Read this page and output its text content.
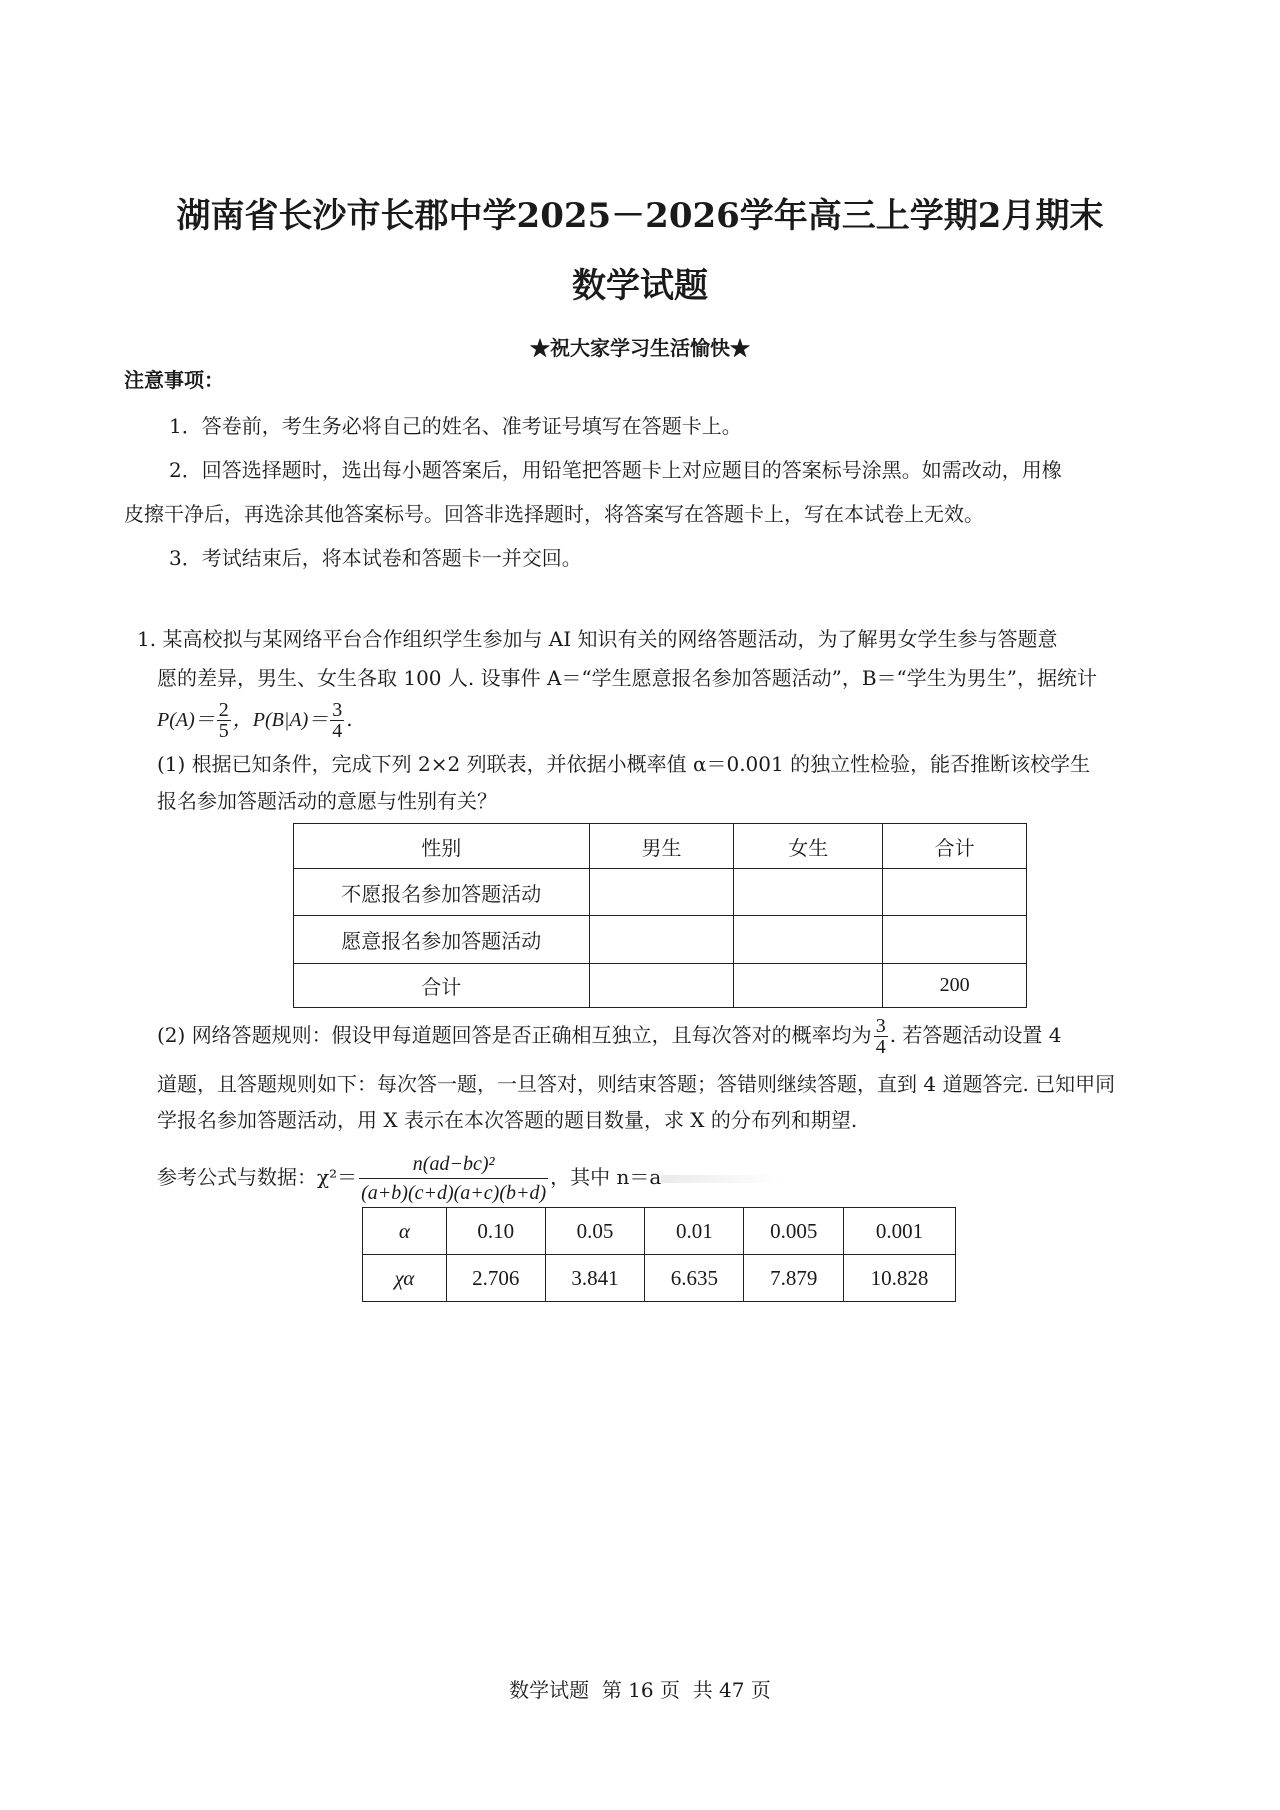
湖南省长沙市长郡中学2025－2026学年高三上学期2月期末
数学试题
★祝大家学习生活愉快★
注意事项：
1．答卷前，考生务必将自己的姓名、准考证号填写在答题卡上。
2．回答选择题时，选出每小题答案后，用铅笔把答题卡上对应题目的答案标号涂黑。如需改动，用橡
皮擦干净后，再选涂其他答案标号。回答非选择题时，将答案写在答题卡上，写在本试卷上无效。
3．考试结束后，将本试卷和答题卡一并交回。
1. 某高校拟与某网络平台合作组织学生参加与 AI 知识有关的网络答题活动，为了解男女学生参与答题意
愿的差异，男生、女生各取 100 人. 设事件 A＝“学生愿意报名参加答题活动”，B＝“学生为男生”，据统计
$P(A)= \frac{2}{5}$ ，$P(B|A)= \frac{3}{4}$ .
(1) 根据已知条件，完成下列 2×2 列联表，并依据小概率值 α＝0.001 的独立性检验，能否推断该校学生
报名参加答题活动的意愿与性别有关？
性别	男生	女生	合计
不愿报名参加答题活动			
愿意报名参加答题活动			
合计			200
(2) 网络答题规则：假设甲每道题回答是否正确相互独立，且每次答对的概率均为 $\frac{3}{4}$ . 若答题活动设置 4
道题，且答题规则如下：每次答一题，一旦答对，则结束答题；答错则继续答题，直到 4 道题答完. 已知甲同
学报名参加答题活动，用 X 表示在本次答题的题目数量，求 X 的分布列和期望.
参考公式与数据：$\chi^2= \frac{\text{n(ad−bc)²}}{(a+b)(c+d)(a+c)(b+d)}$ ，其中 n＝a
α	0.10	0.05	0.01	0.005	0.001
χα	2.706	3.841	6.635	7.879	10.828
数学试题  第 16 页  共 47 页
